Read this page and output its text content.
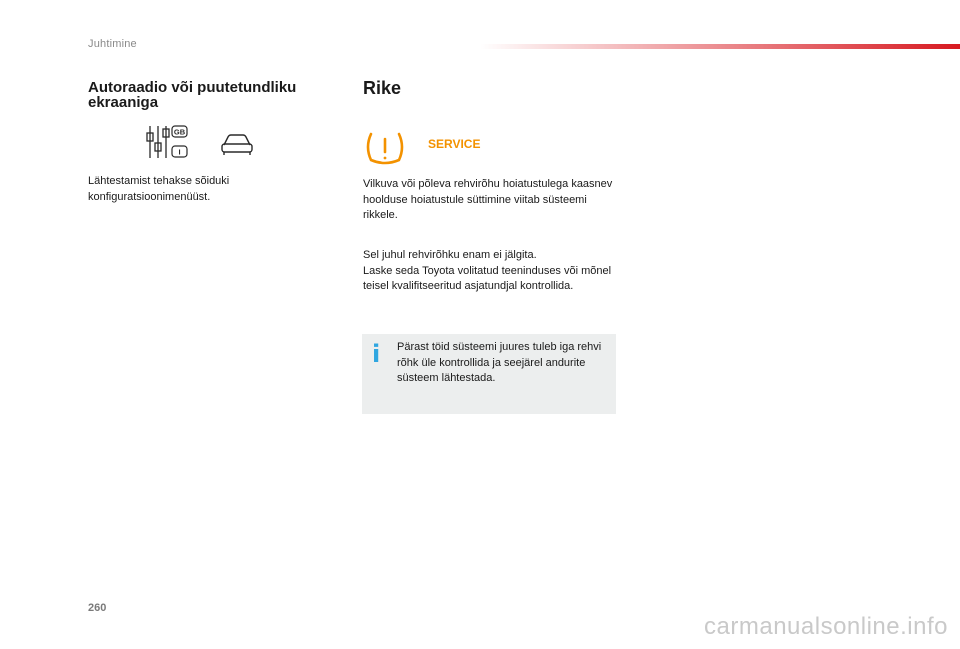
Juhtimine
Autoraadio või puutetundliku ekraaniga
GB
I
Lähtestamist tehakse sõiduki konfiguratsioonimenüüst.
Rike
SERVICE
Vilkuva või põleva rehvirõhu hoiatustulega kaasnev hoolduse hoiatustule süttimine viitab süsteemi rikkele.
Sel juhul rehvirõhku enam ei jälgita.
Laske seda Toyota volitatud teeninduses või mõnel teisel kvalifitseeritud asjatundjal kontrollida.
i Pärast töid süsteemi juures tuleb iga rehvi rõhk üle kontrollida ja seejärel andurite süsteem lähtestada.
260
carmanualsonline.info
